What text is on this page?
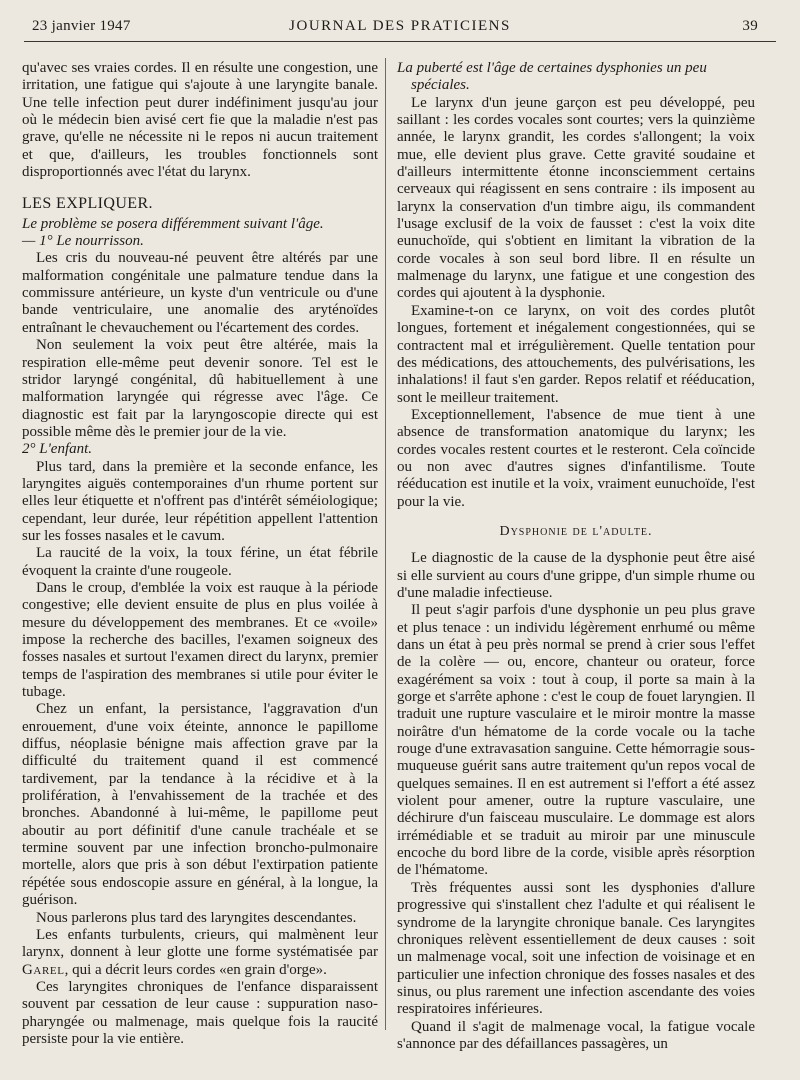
23 janvier 1947	JOURNAL DES PRATICIENS	39

qu'avec ses vraies cordes. Il en résulte une congestion, une irritation, une fatigue qui s'ajoute à une laryngite banale. Une telle infection peut durer indéfiniment jusqu'au jour où le médecin bien avisé cert fie que la maladie n'est pas grave, qu'elle ne nécessite ni le repos ni aucun traitement et que, d'ailleurs, les troubles fonctionnels sont disproportionnés avec l'état du larynx.

LES EXPLIQUER.

Le problème se posera différemment suivant l'âge.

— 1° Le nourrisson.

Les cris du nouveau-né peuvent être altérés par une malformation congénitale une palmature tendue dans la commissure antérieure, un kyste d'un ventricule ou d'une bande ventriculaire, une anomalie des aryténoïdes entraînant le chevauchement ou l'écartement des cordes.

Non seulement la voix peut être altérée, mais la respiration elle-même peut devenir sonore. Tel est le stridor laryngé congénital, dû habituellement à une malformation laryngée qui régresse avec l'âge. Ce diagnostic est fait par la laryngoscopie directe qui est possible même dès le premier jour de la vie.

2° L'enfant.

Plus tard, dans la première et la seconde enfance, les laryngites aiguës contemporaines d'un rhume portent sur elles leur étiquette et n'offrent pas d'intérêt séméiologique; cependant, leur durée, leur répétition appellent l'attention sur les fosses nasales et le cavum.

La raucité de la voix, la toux férine, un état fébrile évoquent la crainte d'une rougeole.

Dans le croup, d'emblée la voix est rauque à la période congestive; elle devient ensuite de plus en plus voilée à mesure du développement des membranes. Et ce «voile» impose la recherche des bacilles, l'examen soigneux des fosses nasales et surtout l'examen direct du larynx, premier temps de l'aspiration des membranes si utile pour éviter le tubage.

Chez un enfant, la persistance, l'aggravation d'un enrouement, d'une voix éteinte, annonce le papillome diffus, néoplasie bénigne mais affection grave par la difficulté du traitement quand il est commencé tardivement, par la tendance à la récidive et à la prolifération, à l'envahissement de la trachée et des bronches. Abandonné à lui-même, le papillome peut aboutir au port définitif d'une canule trachéale et se termine souvent par une infection broncho-pulmonaire mortelle, alors que pris à son début l'extirpation patiente répétée sous endoscopie assure en général, à la longue, la guérison.

Nous parlerons plus tard des laryngites descendantes.

Les enfants turbulents, crieurs, qui malmènent leur larynx, donnent à leur glotte une forme systématisée par Garel, qui a décrit leurs cordes «en grain d'orge».

Ces laryngites chroniques de l'enfance disparaissent souvent par cessation de leur cause : suppuration naso-pharyngée ou malmenage, mais quelque fois la raucité persiste pour la vie entière.

La puberté est l'âge de certaines dysphonies un peu
spéciales.

Le larynx d'un jeune garçon est peu développé, peu saillant : les cordes vocales sont courtes; vers la quinzième année, le larynx grandit, les cordes s'allongent; la voix mue, elle devient plus grave. Cette gravité soudaine et d'ailleurs intermittente étonne inconsciemment certains cerveaux qui réagissent en sens contraire : ils imposent au larynx la conservation d'un timbre aigu, ils commandent l'usage exclusif de la voix de fausset : c'est la voix dite eunuchoïde, qui s'obtient en limitant la vibration de la corde vocales à son seul bord libre. Il en résulte un malmenage du larynx, une fatigue et une congestion des cordes qui ajoutent à la dysphonie.

Examine-t-on ce larynx, on voit des cordes plutôt longues, fortement et inégalement congestionnées, qui se contractent mal et irrégulièrement. Quelle tentation pour des médications, des attouchements, des pulvérisations, les inhalations! il faut s'en garder. Repos relatif et rééducation, sont le meilleur traitement.

Exceptionnellement, l'absence de mue tient à une absence de transformation anatomique du larynx; les cordes vocales restent courtes et le resteront. Cela coïncide ou non avec d'autres signes d'infantilisme. Toute rééducation est inutile et la voix, vraiment eunuchoïde, l'est pour la vie.

Dysphonie de l'adulte.

Le diagnostic de la cause de la dysphonie peut être aisé si elle survient au cours d'une grippe, d'un simple rhume ou d'une maladie infectieuse.

Il peut s'agir parfois d'une dysphonie un peu plus grave et plus tenace : un individu légèrement enrhumé ou même dans un état à peu près normal se prend à crier sous l'effet de la colère — ou, encore, chanteur ou orateur, force exagérément sa voix : tout à coup, il porte sa main à la gorge et s'arrête aphone : c'est le coup de fouet laryngien. Il traduit une rupture vasculaire et le miroir montre la masse noirâtre d'un hématome de la corde vocale ou la tache rouge d'une extravasation sanguine. Cette hémorragie sous-muqueuse guérit sans autre traitement qu'un repos vocal de quelques semaines. Il en est autrement si l'effort a été assez violent pour amener, outre la rupture vasculaire, une déchirure d'un faisceau musculaire. Le dommage est alors irrémédiable et se traduit au miroir par une minuscule encoche du bord libre de la corde, visible après résorption de l'hématome.

Très fréquentes aussi sont les dysphonies d'allure progressive qui s'installent chez l'adulte et qui réalisent le syndrome de la laryngite chronique banale. Ces laryngites chroniques relèvent essentiellement de deux causes : soit un malmenage vocal, soit une infection de voisinage et en particulier une infection chronique des fosses nasales et des sinus, ou plus rarement une infection ascendante des voies respiratoires inférieures.

Quand il s'agit de malmenage vocal, la fatigue vocale s'annonce par des défaillances passagères, un
